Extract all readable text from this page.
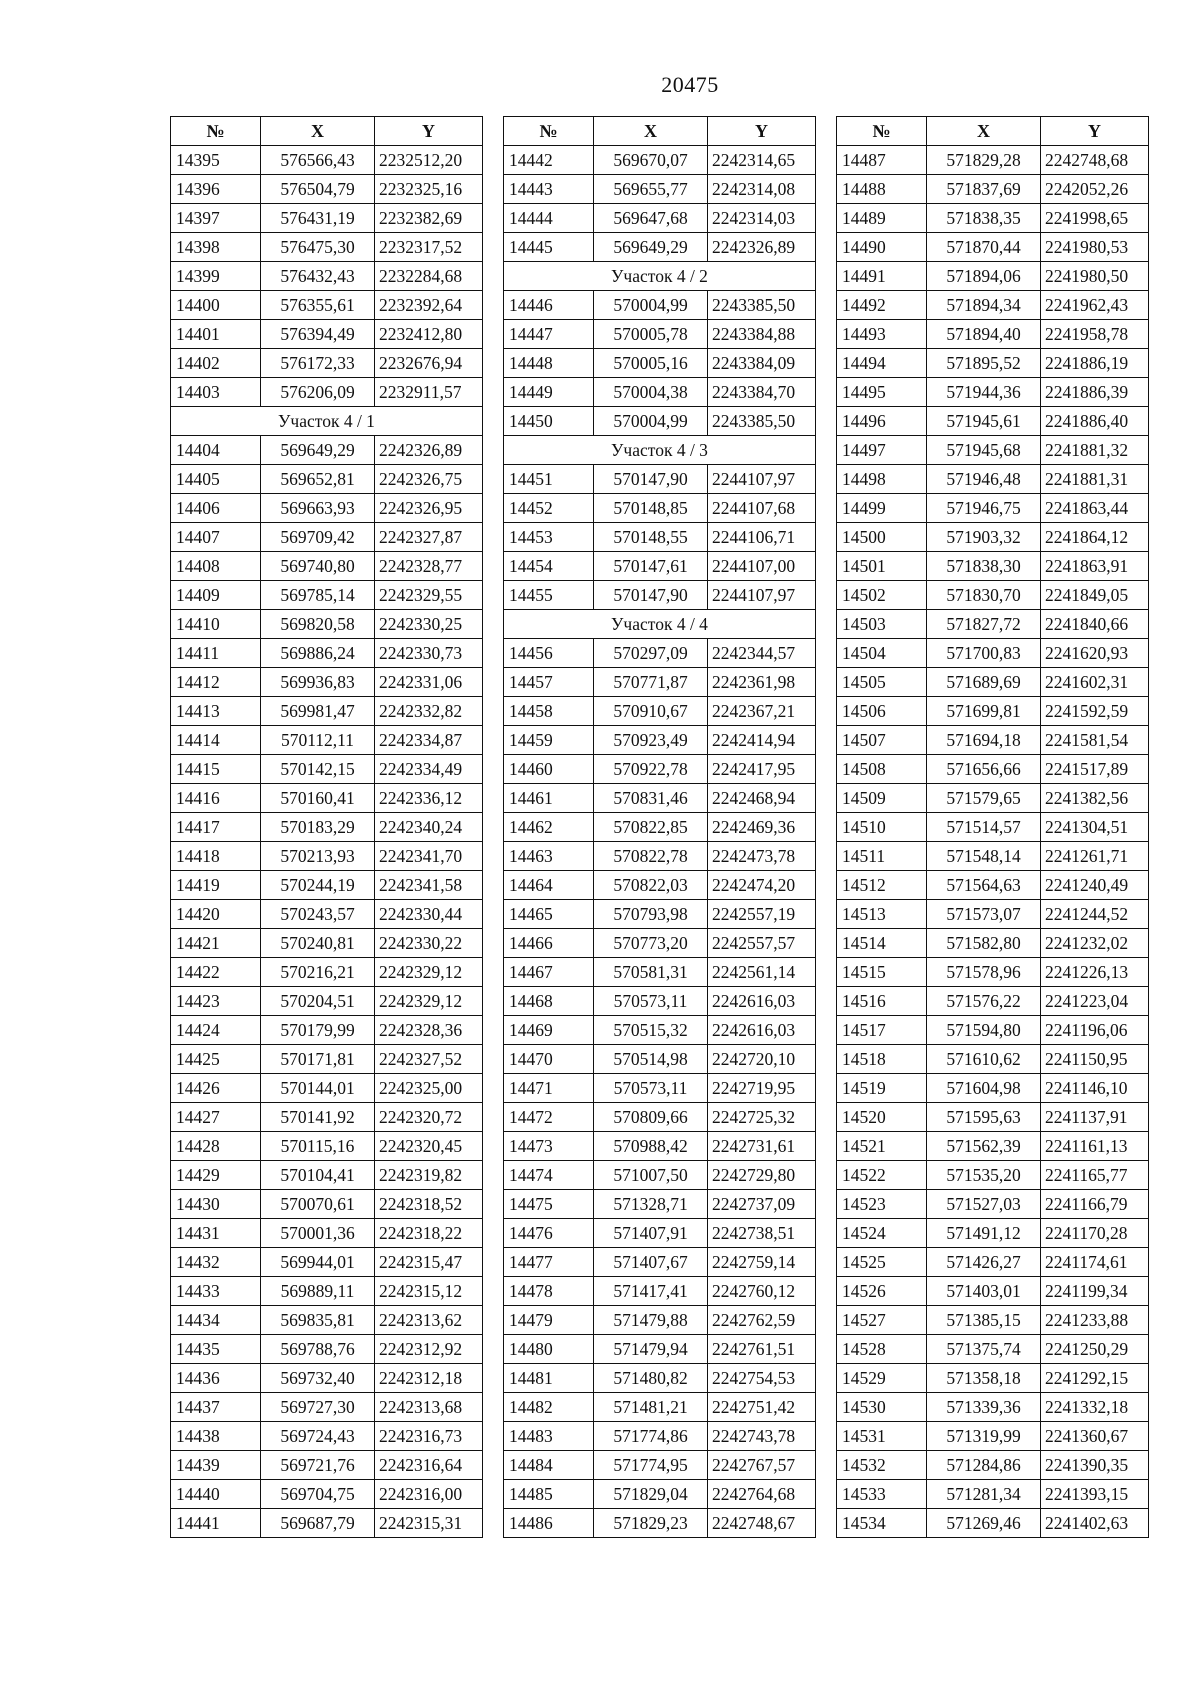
20475
№	X	Y
14395	576566,43	2232512,20
14396	576504,79	2232325,16
14397	576431,19	2232382,69
14398	576475,30	2232317,52
14399	576432,43	2232284,68
14400	576355,61	2232392,64
14401	576394,49	2232412,80
14402	576172,33	2232676,94
14403	576206,09	2232911,57
Участок 4 / 1		
14404	569649,29	2242326,89
14405	569652,81	2242326,75
14406	569663,93	2242326,95
14407	569709,42	2242327,87
14408	569740,80	2242328,77
14409	569785,14	2242329,55
14410	569820,58	2242330,25
14411	569886,24	2242330,73
14412	569936,83	2242331,06
14413	569981,47	2242332,82
14414	570112,11	2242334,87
14415	570142,15	2242334,49
14416	570160,41	2242336,12
14417	570183,29	2242340,24
14418	570213,93	2242341,70
14419	570244,19	2242341,58
14420	570243,57	2242330,44
14421	570240,81	2242330,22
14422	570216,21	2242329,12
14423	570204,51	2242329,12
14424	570179,99	2242328,36
14425	570171,81	2242327,52
14426	570144,01	2242325,00
14427	570141,92	2242320,72
14428	570115,16	2242320,45
14429	570104,41	2242319,82
14430	570070,61	2242318,52
14431	570001,36	2242318,22
14432	569944,01	2242315,47
14433	569889,11	2242315,12
14434	569835,81	2242313,62
14435	569788,76	2242312,92
14436	569732,40	2242312,18
14437	569727,30	2242313,68
14438	569724,43	2242316,73
14439	569721,76	2242316,64
14440	569704,75	2242316,00
14441	569687,79	2242315,31
№	X	Y
14442	569670,07	2242314,65
14443	569655,77	2242314,08
14444	569647,68	2242314,03
14445	569649,29	2242326,89
Участок 4 / 2		
14446	570004,99	2243385,50
14447	570005,78	2243384,88
14448	570005,16	2243384,09
14449	570004,38	2243384,70
14450	570004,99	2243385,50
Участок 4 / 3		
14451	570147,90	2244107,97
14452	570148,85	2244107,68
14453	570148,55	2244106,71
14454	570147,61	2244107,00
14455	570147,90	2244107,97
Участок 4 / 4		
14456	570297,09	2242344,57
14457	570771,87	2242361,98
14458	570910,67	2242367,21
14459	570923,49	2242414,94
14460	570922,78	2242417,95
14461	570831,46	2242468,94
14462	570822,85	2242469,36
14463	570822,78	2242473,78
14464	570822,03	2242474,20
14465	570793,98	2242557,19
14466	570773,20	2242557,57
14467	570581,31	2242561,14
14468	570573,11	2242616,03
14469	570515,32	2242616,03
14470	570514,98	2242720,10
14471	570573,11	2242719,95
14472	570809,66	2242725,32
14473	570988,42	2242731,61
14474	571007,50	2242729,80
14475	571328,71	2242737,09
14476	571407,91	2242738,51
14477	571407,67	2242759,14
14478	571417,41	2242760,12
14479	571479,88	2242762,59
14480	571479,94	2242761,51
14481	571480,82	2242754,53
14482	571481,21	2242751,42
14483	571774,86	2242743,78
14484	571774,95	2242767,57
14485	571829,04	2242764,68
14486	571829,23	2242748,67
№	X	Y
14487	571829,28	2242748,68
14488	571837,69	2242052,26
14489	571838,35	2241998,65
14490	571870,44	2241980,53
14491	571894,06	2241980,50
14492	571894,34	2241962,43
14493	571894,40	2241958,78
14494	571895,52	2241886,19
14495	571944,36	2241886,39
14496	571945,61	2241886,40
14497	571945,68	2241881,32
14498	571946,48	2241881,31
14499	571946,75	2241863,44
14500	571903,32	2241864,12
14501	571838,30	2241863,91
14502	571830,70	2241849,05
14503	571827,72	2241840,66
14504	571700,83	2241620,93
14505	571689,69	2241602,31
14506	571699,81	2241592,59
14507	571694,18	2241581,54
14508	571656,66	2241517,89
14509	571579,65	2241382,56
14510	571514,57	2241304,51
14511	571548,14	2241261,71
14512	571564,63	2241240,49
14513	571573,07	2241244,52
14514	571582,80	2241232,02
14515	571578,96	2241226,13
14516	571576,22	2241223,04
14517	571594,80	2241196,06
14518	571610,62	2241150,95
14519	571604,98	2241146,10
14520	571595,63	2241137,91
14521	571562,39	2241161,13
14522	571535,20	2241165,77
14523	571527,03	2241166,79
14524	571491,12	2241170,28
14525	571426,27	2241174,61
14526	571403,01	2241199,34
14527	571385,15	2241233,88
14528	571375,74	2241250,29
14529	571358,18	2241292,15
14530	571339,36	2241332,18
14531	571319,99	2241360,67
14532	571284,86	2241390,35
14533	571281,34	2241393,15
14534	571269,46	2241402,63
